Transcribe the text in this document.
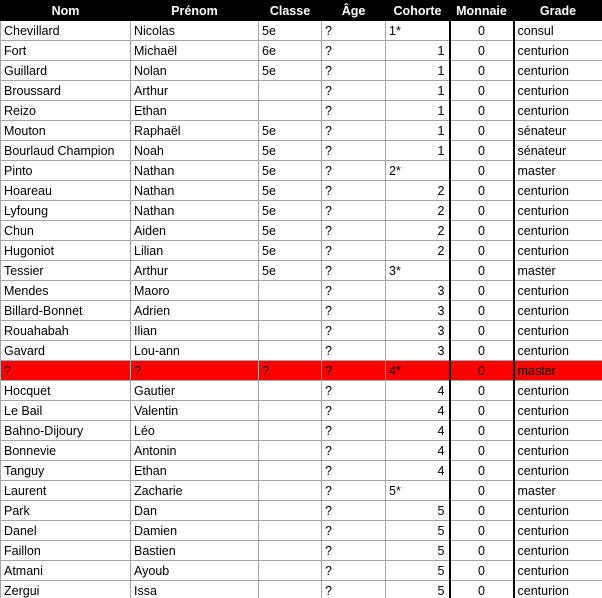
Nom	Prénom	Classe	Âge	Cohorte	Monnaie	Grade
Chevillard	Nicolas	5e	?	1*	0	consul
Fort	Michaël	6e	?	1	0	centurion
Guillard	Nolan	5e	?	1	0	centurion
Broussard	Arthur		?	1	0	centurion
Reizo	Ethan		?	1	0	centurion
Mouton	Raphaël	5e	?	1	0	sénateur
Bourlaud Champion	Noah	5e	?	1	0	sénateur
Pinto	Nathan	5e	?	2*	0	master
Hoareau	Nathan	5e	?	2	0	centurion
Lyfoung	Nathan	5e	?	2	0	centurion
Chun	Aiden	5e	?	2	0	centurion
Hugoniot	Lilian	5e	?	2	0	centurion
Tessier	Arthur	5e	?	3*	0	master
Mendes	Maoro		?	3	0	centurion
Billard-Bonnet	Adrien		?	3	0	centurion
Rouahabah	Ilian		?	3	0	centurion
Gavard	Lou-ann		?	3	0	centurion
?	?	?	?	4*	0	master
Hocquet	Gautier		?	4	0	centurion
Le Bail	Valentin		?	4	0	centurion
Bahno-Dijoury	Léo		?	4	0	centurion
Bonnevie	Antonin		?	4	0	centurion
Tanguy	Ethan		?	4	0	centurion
Laurent	Zacharie		?	5*	0	master
Park	Dan		?	5	0	centurion
Danel	Damien		?	5	0	centurion
Faillon	Bastien		?	5	0	centurion
Atmani	Ayoub		?	5	0	centurion
Zergui	Issa		?	5	0	centurion
